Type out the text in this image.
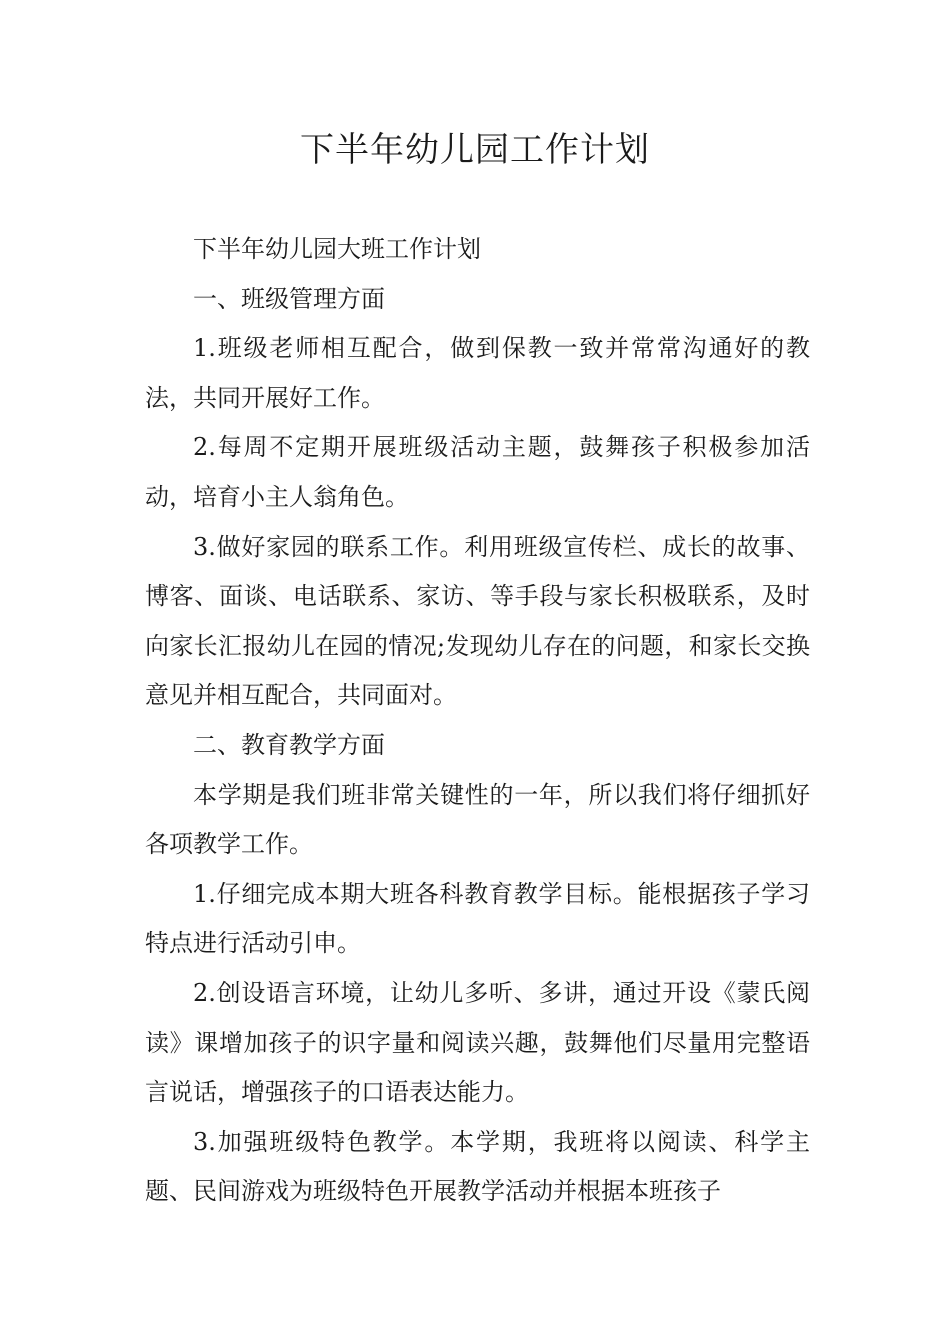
下半年幼儿园工作计划

下半年幼儿园大班工作计划

一、班级管理方面

1.班级老师相互配合，做到保教一致并常常沟通好的教法，共同开展好工作。

2.每周不定期开展班级活动主题，鼓舞孩子积极参加活动，培育小主人翁角色。

3.做好家园的联系工作。利用班级宣传栏、成长的故事、博客、面谈、电话联系、家访、等手段与家长积极联系，及时向家长汇报幼儿在园的情况;发现幼儿存在的问题，和家长交换意见并相互配合，共同面对。

二、教育教学方面

本学期是我们班非常关键性的一年，所以我们将仔细抓好各项教学工作。

1.仔细完成本期大班各科教育教学目标。能根据孩子学习特点进行活动引申。

2.创设语言环境，让幼儿多听、多讲，通过开设《蒙氏阅读》课增加孩子的识字量和阅读兴趣，鼓舞他们尽量用完整语言说话，增强孩子的口语表达能力。

3.加强班级特色教学。本学期，我班将以阅读、科学主题、民间游戏为班级特色开展教学活动并根据本班孩子
